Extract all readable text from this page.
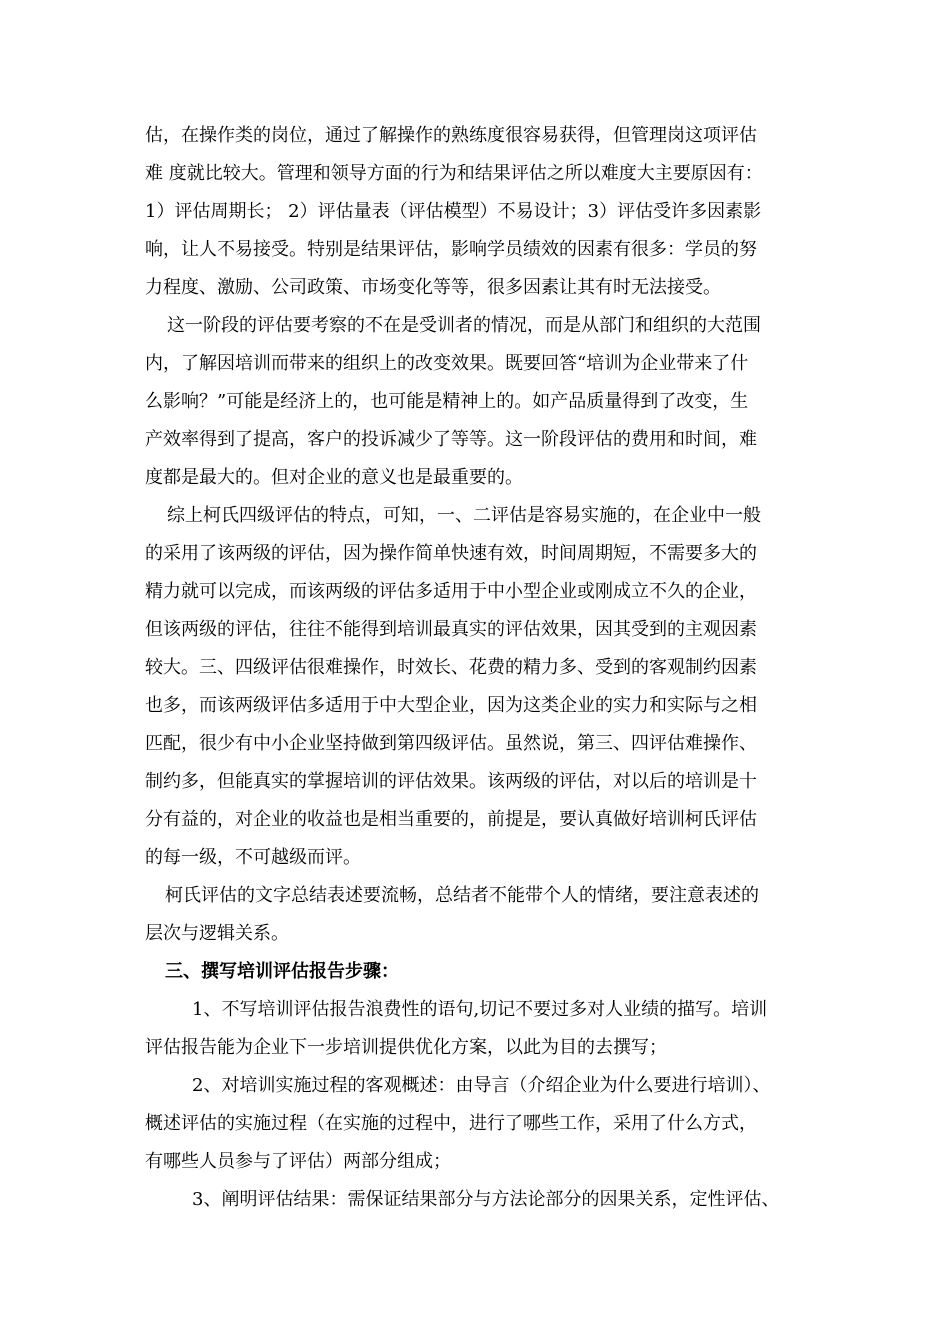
估，在操作类的岗位，通过了解操作的熟练度很容易获得，但管理岗这项评估
难 度就比较大。管理和领导方面的行为和结果评估之所以难度大主要原因有：
1）评估周期长； 2）评估量表（评估模型）不易设计；3）评估受许多因素影
响，让人不易接受。特别是结果评估，影响学员绩效的因素有很多：学员的努
力程度、激励、公司政策、市场变化等等，很多因素让其有时无法接受。
这一阶段的评估要考察的不在是受训者的情况，而是从部门和组织的大范围
内，了解因培训而带来的组织上的改变效果。既要回答“培训为企业带来了什
么影响？”可能是经济上的，也可能是精神上的。如产品质量得到了改变，生
产效率得到了提高，客户的投诉减少了等等。这一阶段评估的费用和时间，难
度都是最大的。但对企业的意义也是最重要的。
综上柯氏四级评估的特点，可知，一、二评估是容易实施的，在企业中一般
的采用了该两级的评估，因为操作简单快速有效，时间周期短，不需要多大的
精力就可以完成，而该两级的评估多适用于中小型企业或刚成立不久的企业，
但该两级的评估，往往不能得到培训最真实的评估效果，因其受到的主观因素
较大。三、四级评估很难操作，时效长、花费的精力多、受到的客观制约因素
也多，而该两级评估多适用于中大型企业，因为这类企业的实力和实际与之相
匹配，很少有中小企业坚持做到第四级评估。虽然说，第三、四评估难操作、
制约多，但能真实的掌握培训的评估效果。该两级的评估，对以后的培训是十
分有益的，对企业的收益也是相当重要的，前提是，要认真做好培训柯氏评估
的每一级，不可越级而评。
柯氏评估的文字总结表述要流畅，总结者不能带个人的情绪，要注意表述的
层次与逻辑关系。
三、撰写培训评估报告步骤：
1、不写培训评估报告浪费性的语句,切记不要过多对人业绩的描写。培训
评估报告能为企业下一步培训提供优化方案，以此为目的去撰写；
2、对培训实施过程的客观概述：由导言（介绍企业为什么要进行培训）、
概述评估的实施过程（在实施的过程中，进行了哪些工作，采用了什么方式，
有哪些人员参与了评估）两部分组成；
3、阐明评估结果：需保证结果部分与方法论部分的因果关系，定性评估、
